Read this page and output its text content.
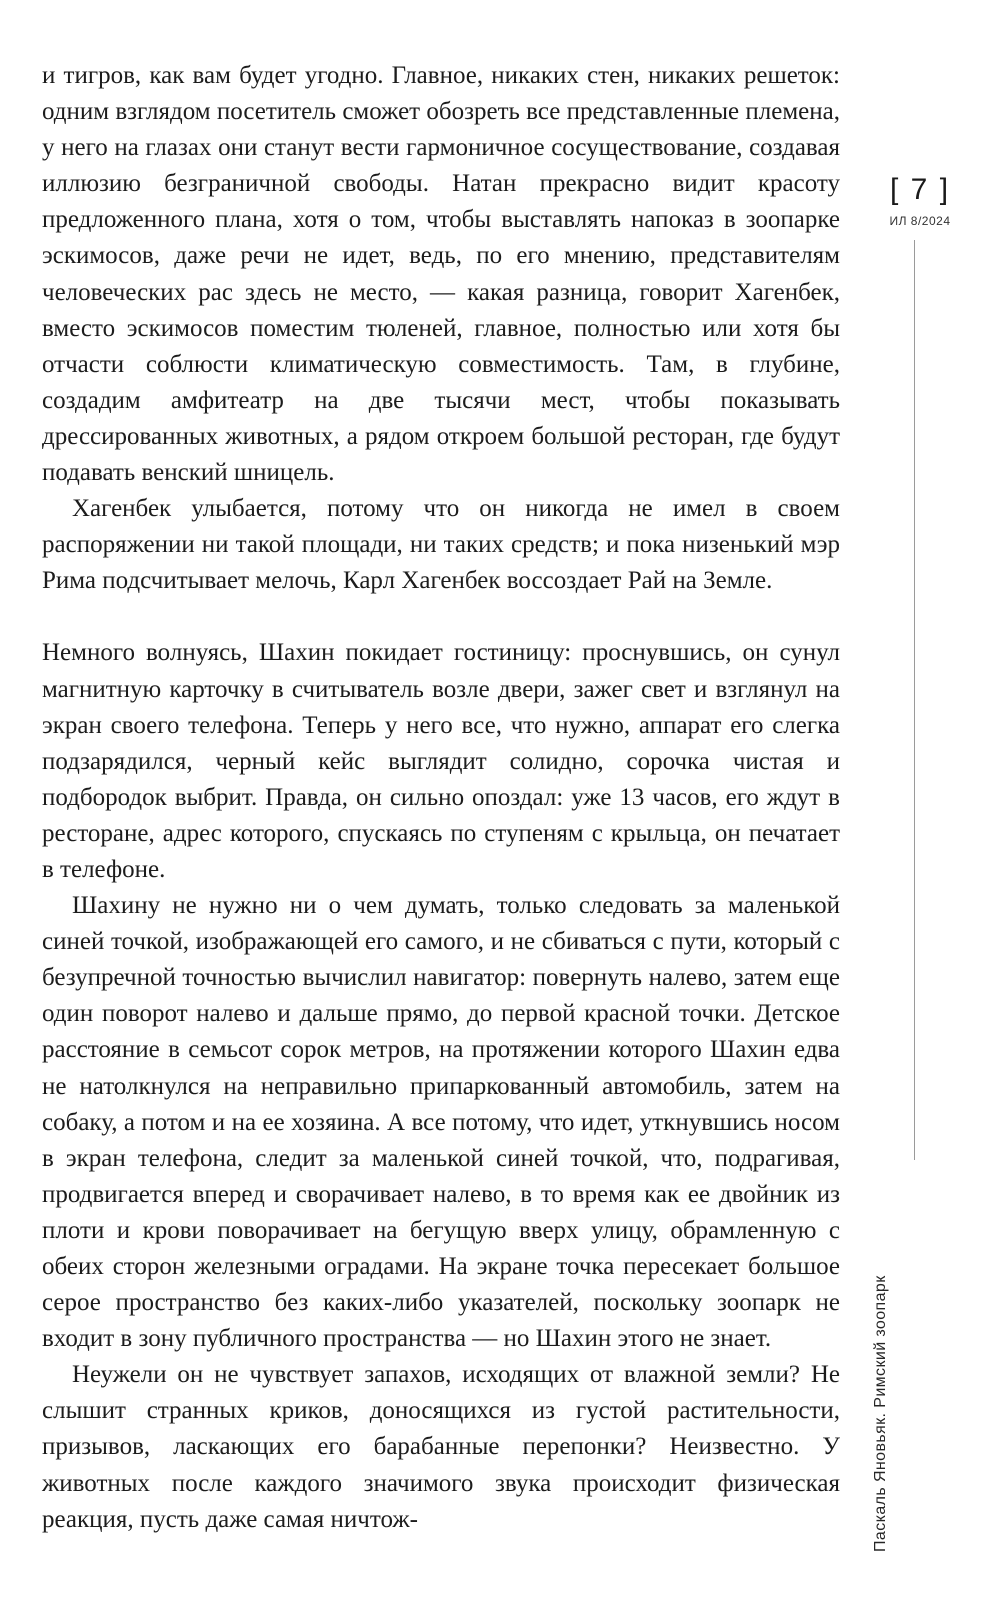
и тигров, как вам будет угодно. Главное, никаких стен, никаких решеток: одним взглядом посетитель сможет обозреть все представленные племена, у него на глазах они станут вести гармоничное сосуществование, создавая иллюзию безграничной свободы. Натан прекрасно видит красоту предложенного плана, хотя о том, чтобы выставлять напоказ в зоопарке эскимосов, даже речи не идет, ведь, по его мнению, представителям человеческих рас здесь не место, — какая разница, говорит Хагенбек, вместо эскимосов поместим тюленей, главное, полностью или хотя бы отчасти соблюсти климатическую совместимость. Там, в глубине, создадим амфитеатр на две тысячи мест, чтобы показывать дрессированных животных, а рядом откроем большой ресторан, где будут подавать венский шницель.

Хагенбек улыбается, потому что он никогда не имел в своем распоряжении ни такой площади, ни таких средств; и пока низенький мэр Рима подсчитывает мелочь, Карл Хагенбек воссоздает Рай на Земле.

Немного волнуясь, Шахин покидает гостиницу: проснувшись, он сунул магнитную карточку в считыватель возле двери, зажег свет и взглянул на экран своего телефона. Теперь у него все, что нужно, аппарат его слегка подзарядился, черный кейс выглядит солидно, сорочка чистая и подбородок выбрит. Правда, он сильно опоздал: уже 13 часов, его ждут в ресторане, адрес которого, спускаясь по ступеням с крыльца, он печатает в телефоне.

Шахину не нужно ни о чем думать, только следовать за маленькой синей точкой, изображающей его самого, и не сбиваться с пути, который с безупречной точностью вычислил навигатор: повернуть налево, затем еще один поворот налево и дальше прямо, до первой красной точки. Детское расстояние в семьсот сорок метров, на протяжении которого Шахин едва не натолкнулся на неправильно припаркованный автомобиль, затем на собаку, а потом и на ее хозяина. А все потому, что идет, уткнувшись носом в экран телефона, следит за маленькой синей точкой, что, подрагивая, продвигается вперед и сворачивает налево, в то время как ее двойник из плоти и крови поворачивает на бегущую вверх улицу, обрамленную с обеих сторон железными оградами. На экране точка пересекает большое серое пространство без каких-либо указателей, поскольку зоопарк не входит в зону публичного пространства — но Шахин этого не знает.

Неужели он не чувствует запахов, исходящих от влажной земли? Не слышит странных криков, доносящихся из густой растительности, призывов, ласкающих его барабанные перепонки? Неизвестно. У животных после каждого значимого звука происходит физическая реакция, пусть даже самая ничтож-

[ 7 ]
ИЛ 8/2024
Паскаль Яновьяк. Римский зоопарк
